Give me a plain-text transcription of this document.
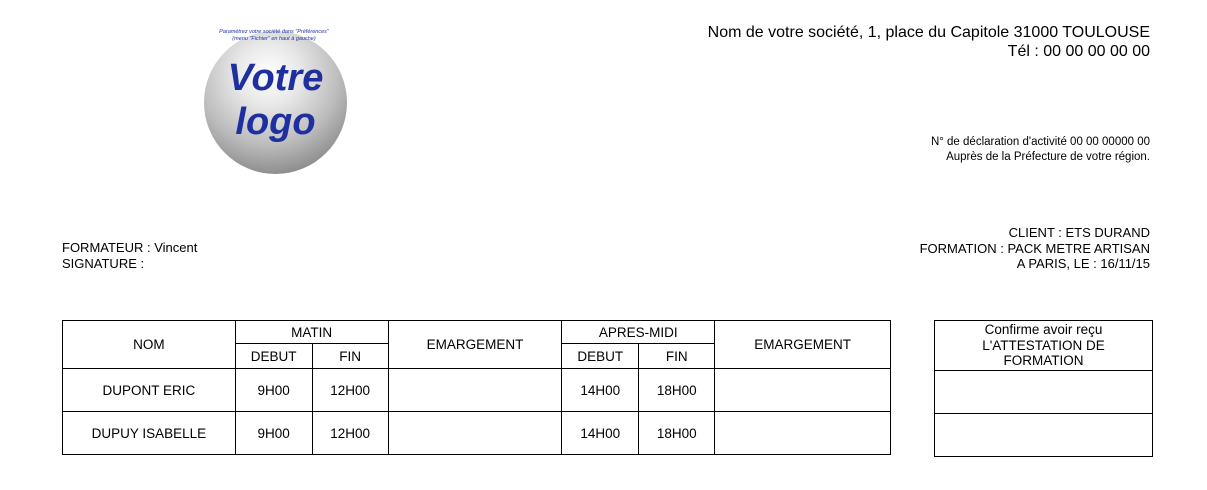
Paramétrez votre société dans "Préférences"
(menu "Fichier" en haut à gauche)
Votre
logo
Nom de votre société, 1, place du Capitole 31000 TOULOUSE
Tél : 00 00 00 00 00
N° de déclaration d'activité 00 00 00000 00
Auprès de la Préfecture de votre région.
FORMATEUR : Vincent
SIGNATURE :
CLIENT : ETS DURAND
FORMATION : PACK METRE ARTISAN
A PARIS, LE : 16/11/15
NOM	MATIN		EMARGEMENT	APRES-MIDI		EMARGEMENT
	DEBUT	FIN		DEBUT	FIN	
DUPONT ERIC	9H00	12H00		14H00	18H00	
DUPUY ISABELLE	9H00	12H00		14H00	18H00	
Confirme avoir reçu
L'ATTESTATION DE
FORMATION
